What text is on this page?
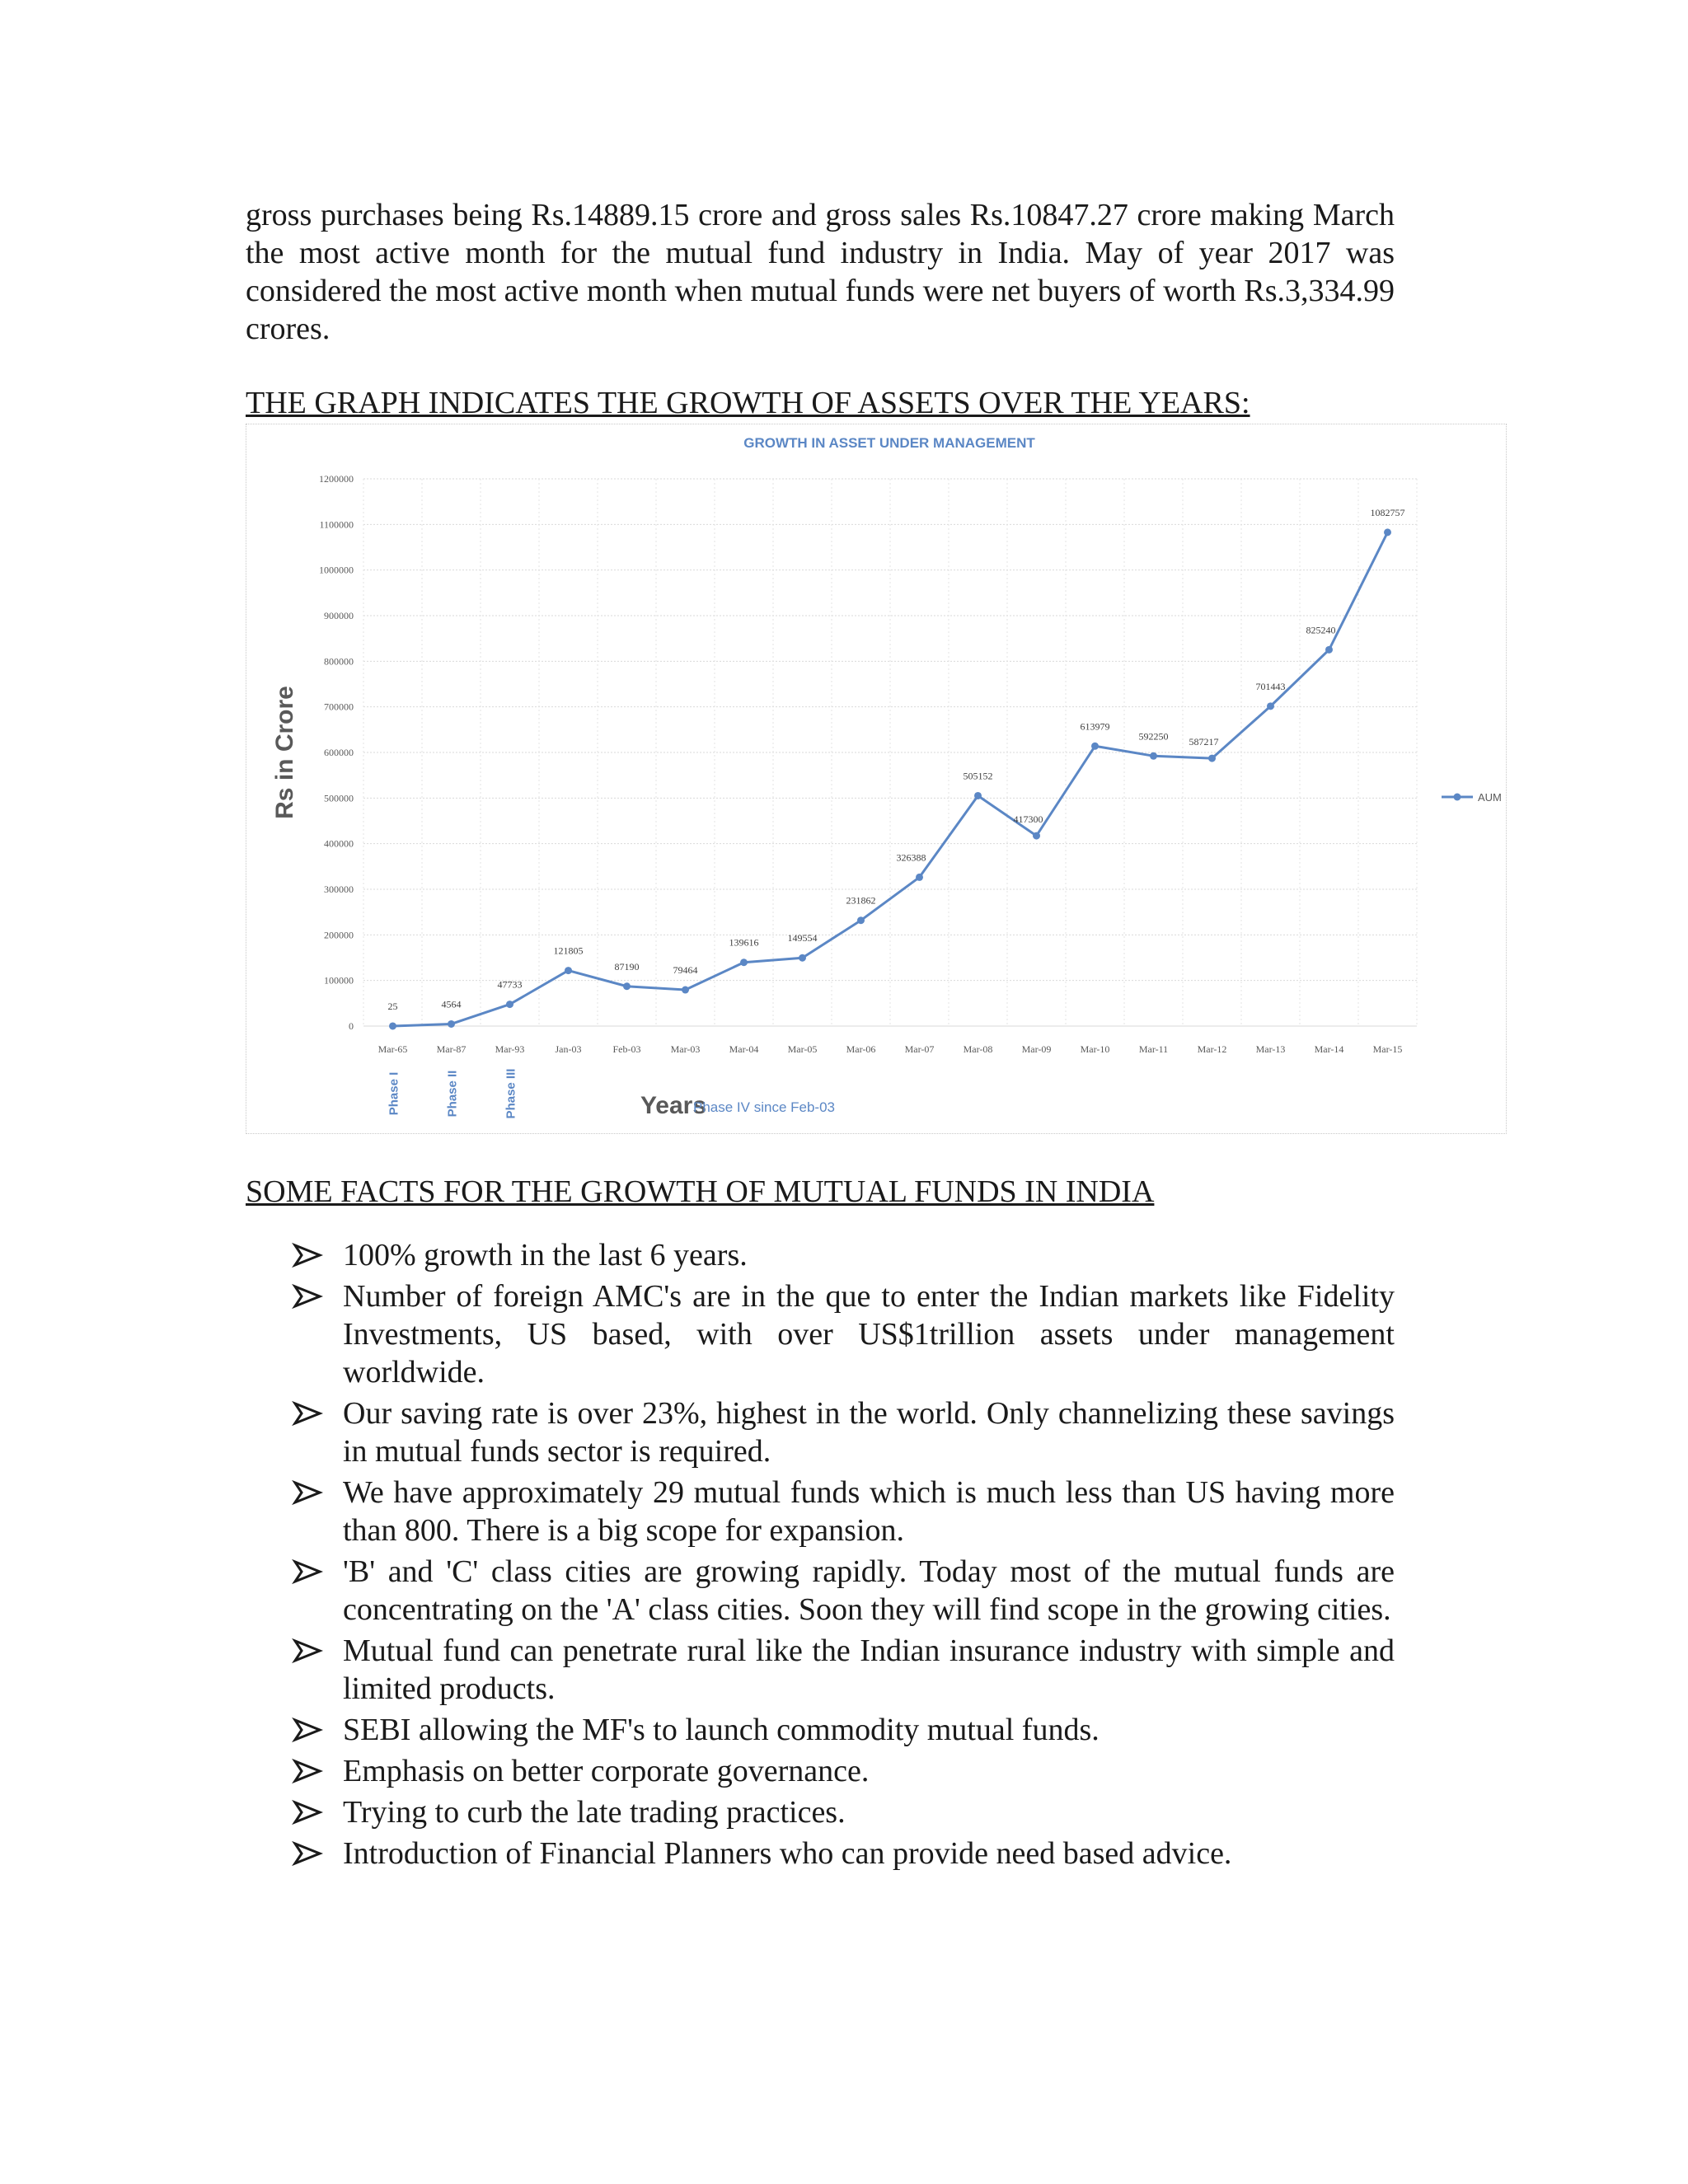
gross purchases being Rs.14889.15 crore and gross sales Rs.10847.27 crore making March the most active month for the mutual fund industry in India. May of year 2017 was considered the most active month when mutual funds were net buyers of worth Rs.3,334.99 crores.

THE GRAPH INDICATES THE GROWTH OF ASSETS OVER THE YEARS:

0
100000
200000
300000
400000
500000
600000
700000
800000
900000
1000000
1100000
1200000
Mar-65	Mar-87	Mar-93	Jan-03	Feb-03	Mar-03	Mar-04	Mar-05	Mar-06	Mar-07	Mar-08	Mar-09	Mar-10	Mar-11	Mar-12	Mar-13	Mar-14	Mar-15
GROWTH IN ASSET UNDER MANAGEMENT
Rs in Crore
Years
Phase I	Phase II	Phase III	Phase IV since Feb-03
25	4564
47733
121805
87190	79464
139616	149554
231862
326388
505152
417300
613979
592250 587217
701443
825240
1082757
AUM

SOME FACTS FOR THE GROWTH OF MUTUAL FUNDS IN INDIA

100% growth in the last 6 years.
Number of foreign AMC's are in the que to enter the Indian markets like Fidelity Investments, US based, with over US$1trillion assets under management worldwide.
Our saving rate is over 23%, highest in the world. Only channelizing these savings in mutual funds sector is required.
We have approximately 29 mutual funds which is much less than US having more than 800. There is a big scope for expansion.
'B' and 'C' class cities are growing rapidly. Today most of the mutual funds are concentrating on the 'A' class cities. Soon they will find scope in the growing cities.
Mutual fund can penetrate rural like the Indian insurance industry with simple and limited products.
SEBI allowing the MF's to launch commodity mutual funds.
Emphasis on better corporate governance.
Trying to curb the late trading practices.
Introduction of Financial Planners who can provide need based advice.
